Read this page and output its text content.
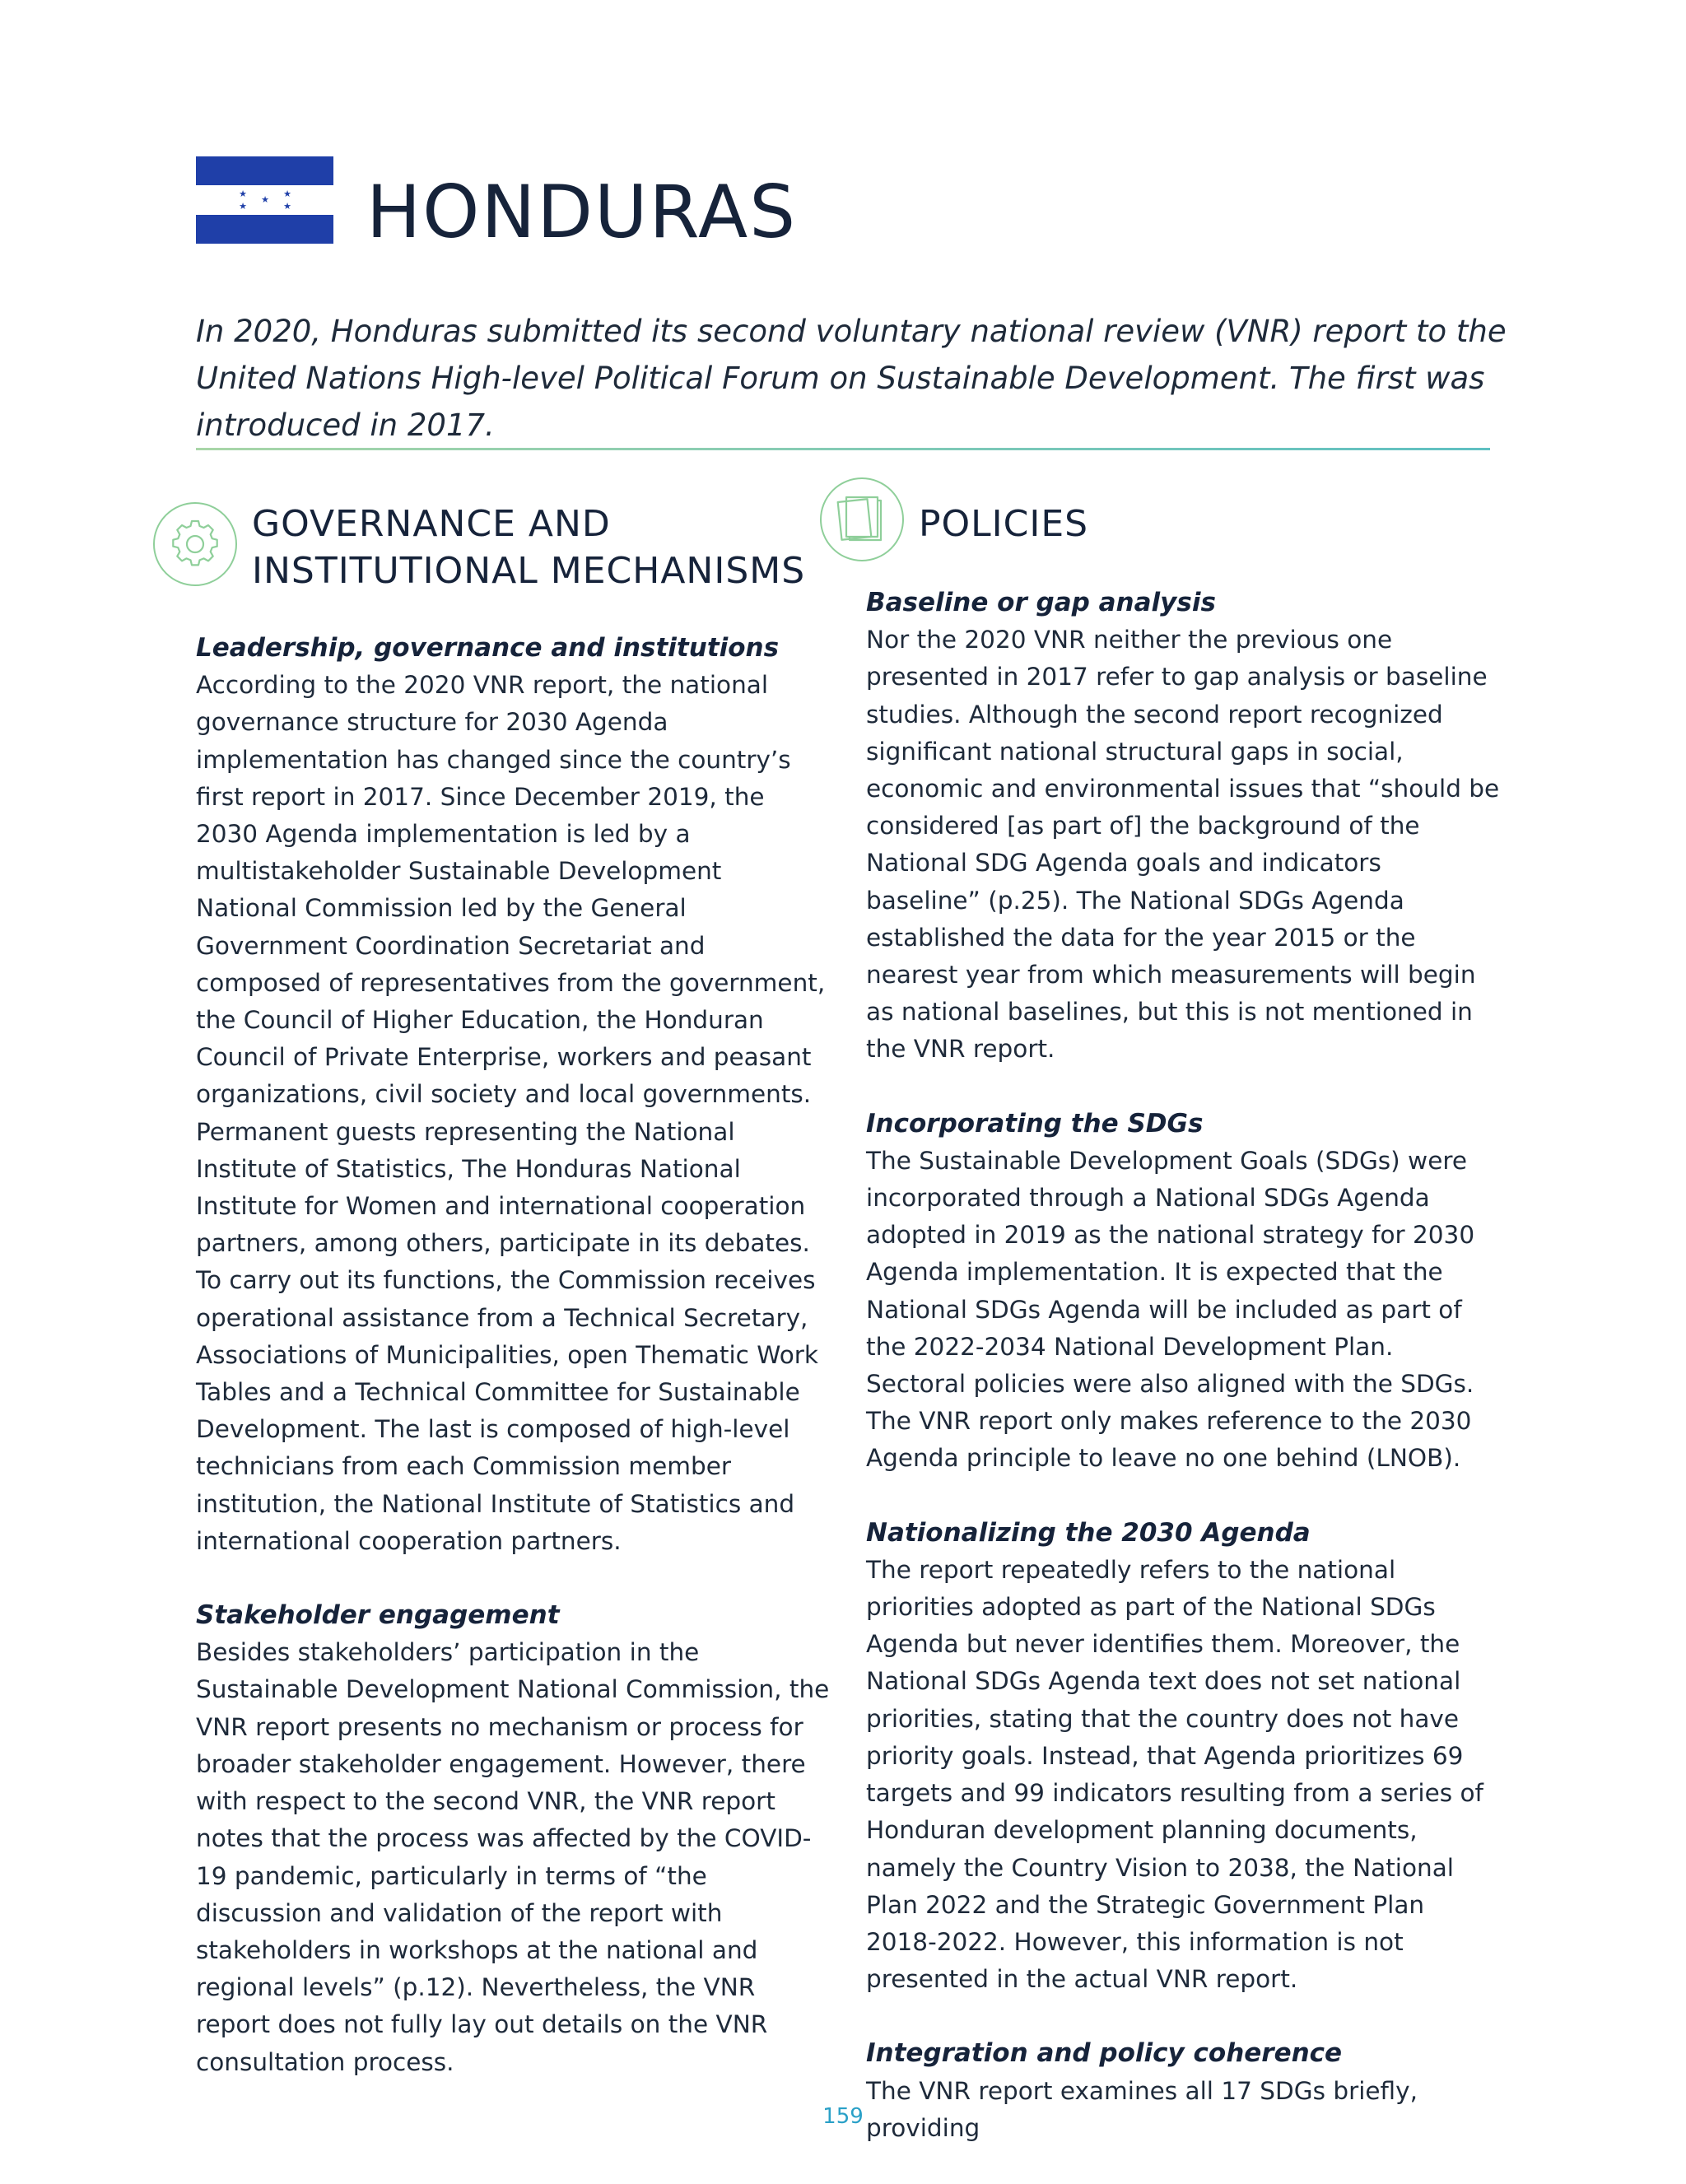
★	★
★
★	★ HONDURAS

In 2020, Honduras submitted its second voluntary national review (VNR) report to the United Nations High-level Political Forum on Sustainable Development. The first was introduced in 2017.

GOVERNANCE AND INSTITUTIONAL MECHANISMS
POLICIES
Leadership, governance and institutions

According to the 2020 VNR report, the national governance structure for 2030 Agenda implementation has changed since the country’s first report in 2017. Since December 2019, the 2030 Agenda implementation is led by a multistakeholder Sustainable Development National Commission led by the General Government Coordination Secretariat and composed of representatives from the government, the Council of Higher Education, the Honduran Council of Private Enterprise, workers and peasant organizations, civil society and local governments. Permanent guests representing the National Institute of Statistics, The Honduras National Institute for Women and international cooperation partners, among others, participate in its debates. To carry out its functions, the Commission receives operational assistance from a Technical Secretary, Associations of Municipalities, open Thematic Work Tables and a Technical Committee for Sustainable Development. The last is composed of high-level technicians from each Commission member institution, the National Institute of Statistics and international cooperation partners.

Stakeholder engagement

Besides stakeholders’ participation in the Sustainable Development National Commission, the VNR report presents no mechanism or process for broader stakeholder engagement. However, there with respect to the second VNR, the VNR report notes that the process was affected by the COVID-19 pandemic, particularly in terms of “the discussion and validation of the report with stakeholders in workshops at the national and regional levels” (p.12). Nevertheless, the VNR report does not fully lay out details on the VNR consultation process.

Baseline or gap analysis

Nor the 2020 VNR neither the previous one presented in 2017 refer to gap analysis or baseline studies. Although the second report recognized significant national structural gaps in social, economic and environmental issues that “should be considered [as part of] the background of the National SDG Agenda goals and indicators baseline” (p.25). The National SDGs Agenda established the data for the year 2015 or the nearest year from which measurements will begin as national baselines, but this is not mentioned in the VNR report.

Incorporating the SDGs

The Sustainable Development Goals (SDGs) were incorporated through a National SDGs Agenda adopted in 2019 as the national strategy for 2030 Agenda implementation. It is expected that the National SDGs Agenda will be included as part of the 2022-2034 National Development Plan. Sectoral policies were also aligned with the SDGs. The VNR report only makes reference to the 2030 Agenda principle to leave no one behind (LNOB).

Nationalizing the 2030 Agenda

The report repeatedly refers to the national priorities adopted as part of the National SDGs Agenda but never identifies them. Moreover, the National SDGs Agenda text does not set national priorities, stating that the country does not have priority goals. Instead, that Agenda prioritizes 69 targets and 99 indicators resulting from a series of Honduran development planning documents, namely the Country Vision to 2038, the National Plan 2022 and the Strategic Government Plan 2018-2022. However, this information is not presented in the actual VNR report.

Integration and policy coherence

The VNR report examines all 17 SDGs briefly, providing

159
